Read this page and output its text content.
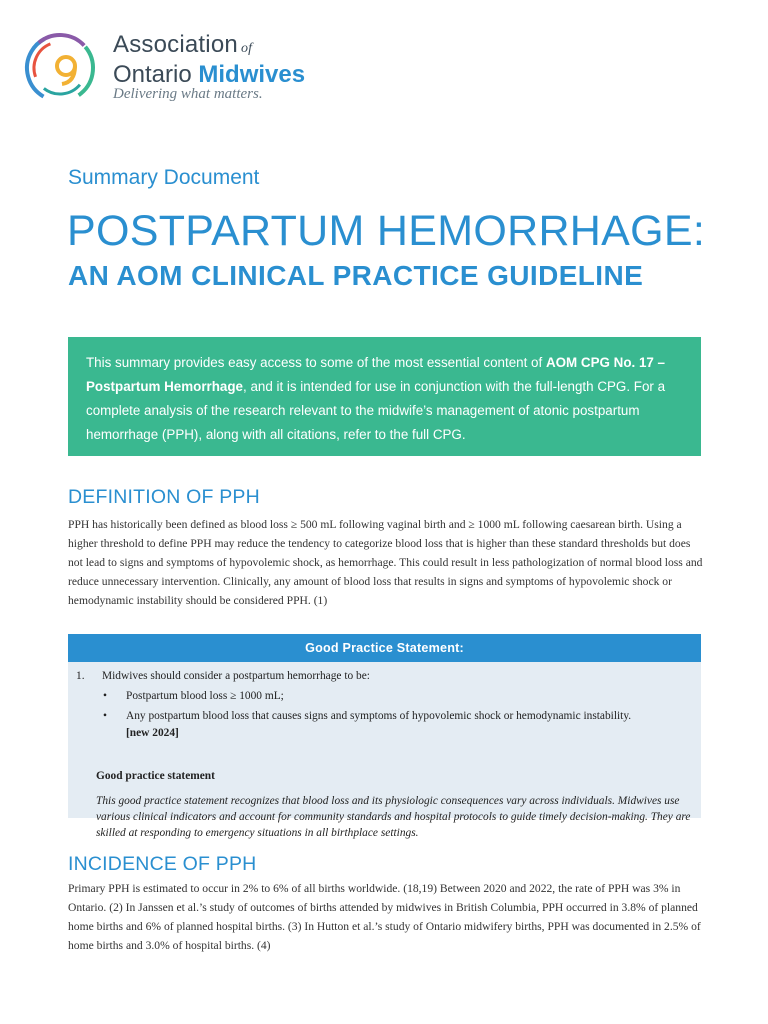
Association of
Ontario Midwives
Delivering what matters.
Summary Document
POSTPARTUM HEMORRHAGE:
AN AOM CLINICAL PRACTICE GUIDELINE
This summary provides easy access to some of the most essential content of AOM CPG No. 17 – Postpartum Hemorrhage, and it is intended for use in conjunction with the full-length CPG. For a complete analysis of the research relevant to the midwife’s management of atonic postpartum hemorrhage (PPH), along with all citations, refer to the full CPG.
DEFINITION OF PPH
PPH has historically been defined as blood loss ≥ 500 mL following vaginal birth and ≥ 1000 mL following caesarean birth. Using a higher threshold to define PPH may reduce the tendency to categorize blood loss that is higher than these standard thresholds but does not lead to signs and symptoms of hypovolemic shock, as hemorrhage. This could result in less pathologization of normal blood loss and reduce unnecessary intervention. Clinically, any amount of blood loss that results in signs and symptoms of hypovolemic shock or hemodynamic instability should be considered PPH. (1)
Good Practice Statement:
1. Midwives should consider a postpartum hemorrhage to be:
• Postpartum blood loss ≥ 1000 mL;
• Any postpartum blood loss that causes signs and symptoms of hypovolemic shock or hemodynamic instability.
[new 2024]
Good practice statement
This good practice statement recognizes that blood loss and its physiologic consequences vary across individuals. Midwives use various clinical indicators and account for community standards and hospital protocols to guide timely decision-making. They are skilled at responding to emergency situations in all birthplace settings.
INCIDENCE OF PPH
Primary PPH is estimated to occur in 2% to 6% of all births worldwide. (18,19) Between 2020 and 2022, the rate of PPH was 3% in Ontario. (2) In Janssen et al.’s study of outcomes of births attended by midwives in British Columbia, PPH occurred in 3.8% of planned home births and 6% of planned hospital births. (3) In Hutton et al.’s study of Ontario midwifery births, PPH was documented in 2.5% of home births and 3.0% of hospital births. (4)
